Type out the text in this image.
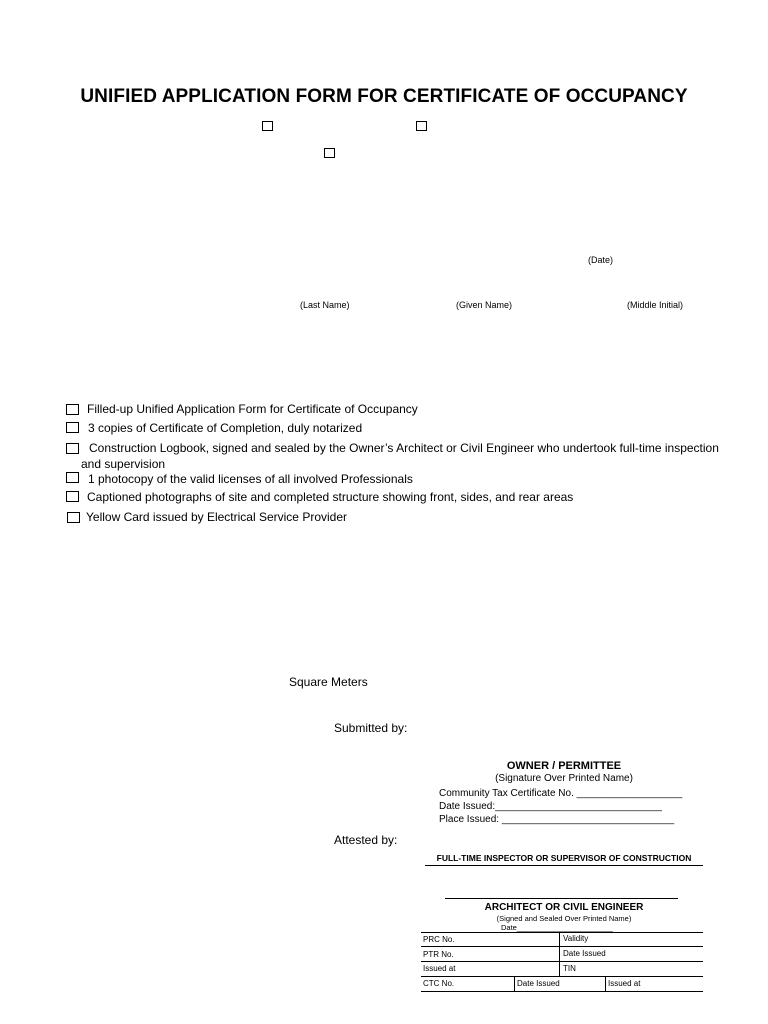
UNIFIED APPLICATION FORM FOR CERTIFICATE OF OCCUPANCY
(Date)
(Last Name)	(Given Name)	(Middle Initial)
Filled-up Unified Application Form for Certificate of Occupancy
3 copies of Certificate of Completion, duly notarized
Construction Logbook, signed and sealed by the Owner’s Architect or Civil Engineer who undertook full-time inspection
and supervision
1 photocopy of the valid licenses of all involved Professionals
Captioned photographs of site and completed structure showing front, sides, and rear areas
Yellow Card issued by Electrical Service Provider
Square Meters
Submitted by:
OWNER / PERMITTEE
(Signature Over Printed Name)
Community Tax Certificate No. ___________________
Date Issued:______________________________
Place Issued: _______________________________
Attested by:
FULL-TIME INSPECTOR OR SUPERVISOR OF CONSTRUCTION
ARCHITECT OR CIVIL ENGINEER
(Signed and Sealed Over Printed Name)
Date_______________________
PRC No.	Validity
PTR No.	Date Issued
Issued at	TIN
CTC No.	Date Issued	Issued at
